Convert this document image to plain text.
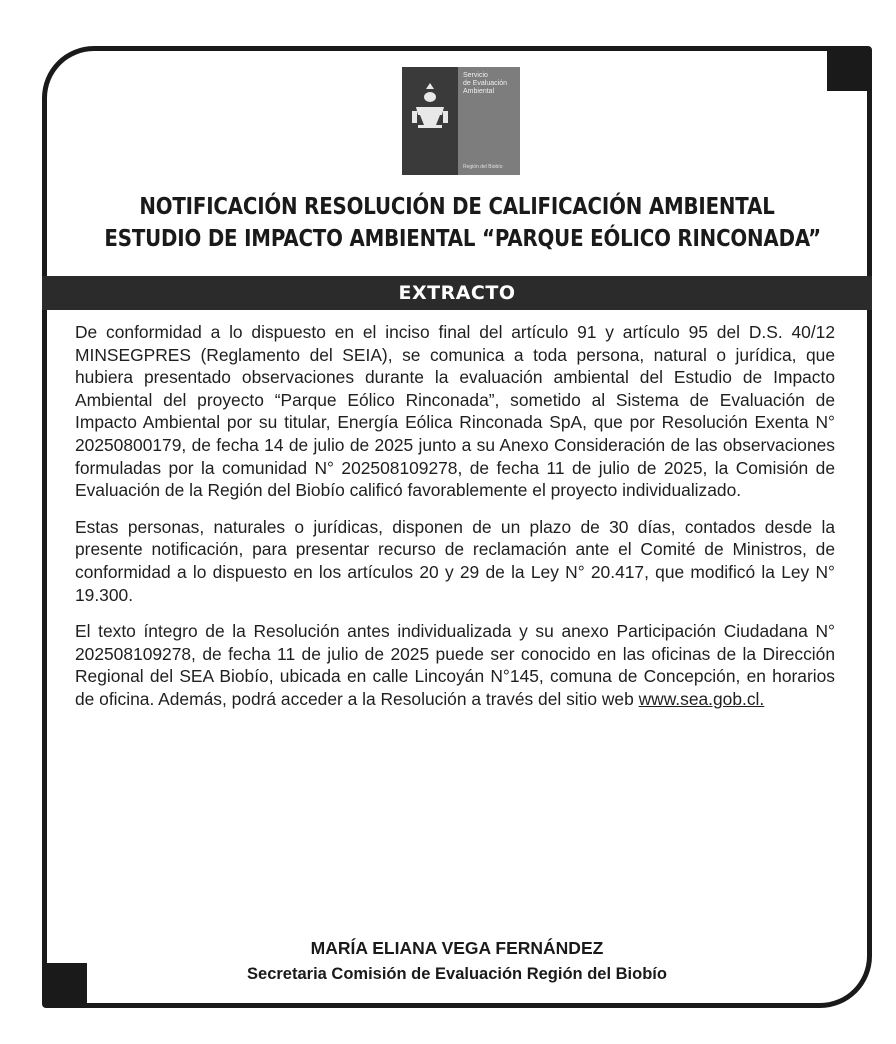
Servicio
de Evaluación
Ambiental
Región del Biobío
NOTIFICACIÓN RESOLUCIÓN DE CALIFICACIÓN AMBIENTAL
ESTUDIO DE IMPACTO AMBIENTAL “PARQUE EÓLICO RINCONADA”
EXTRACTO

De conformidad a lo dispuesto en el inciso final del artículo 91 y artículo 95 del D.S. 40/12 MINSEGPRES (Reglamento del SEIA), se comunica a toda persona, natural o jurídica, que hubiera presentado observaciones durante la evaluación ambiental del Estudio de Impacto Ambiental del proyecto “Parque Eólico Rinconada”, sometido al Sistema de Evaluación de Impacto Ambiental por su titular, Energía Eólica Rinconada SpA, que por Resolución Exenta N° 20250800179, de fecha 14 de julio de 2025 junto a su Anexo Consideración de las observaciones formuladas por la comunidad N° 202508109278, de fecha 11 de julio de 2025, la Comisión de Evaluación de la Región del Biobío calificó favorablemente el proyecto individualizado.

Estas personas, naturales o jurídicas, disponen de un plazo de 30 días, contados desde la presente notificación, para presentar recurso de reclamación ante el Comité de Ministros, de conformidad a lo dispuesto en los artículos 20 y 29 de la Ley N° 20.417, que modificó la Ley N° 19.300.

El texto íntegro de la Resolución antes individualizada y su anexo Participación Ciudadana N° 202508109278, de fecha 11 de julio de 2025 puede ser conocido en las oficinas de la Dirección Regional del SEA Biobío, ubicada en calle Lincoyán N°145, comuna de Concepción, en horarios de oficina. Además, podrá acceder a la Resolución a través del sitio web www.sea.gob.cl.

MARÍA ELIANA VEGA FERNÁNDEZ
Secretaria Comisión de Evaluación Región del Biobío
